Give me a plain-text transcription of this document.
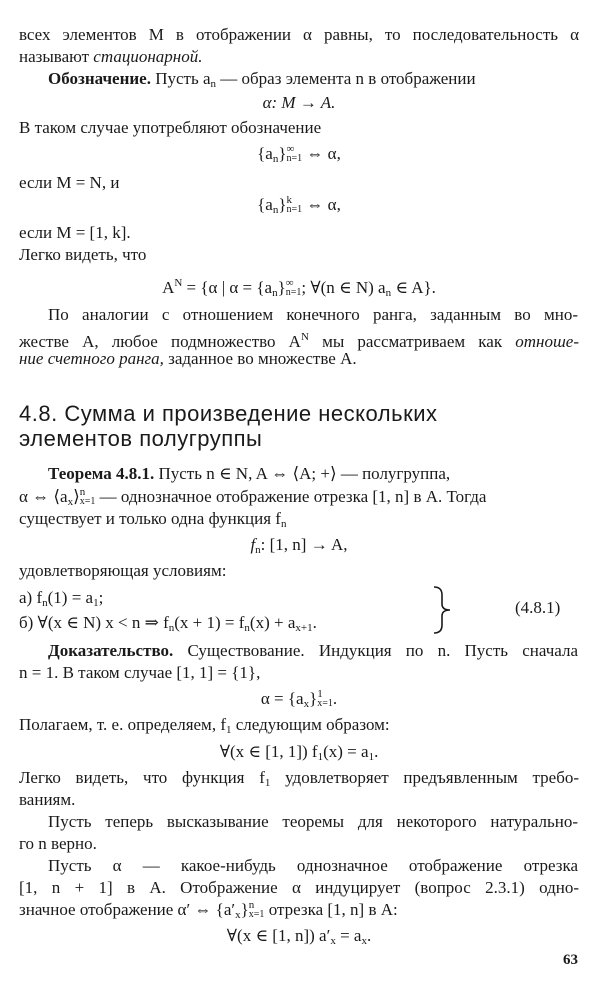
всех элементов M в отображении α равны, то последовательность α
называют стационарной.
Обозначение. Пусть $a_n$ — образ элемента n в отображении
α: M → A.
В таком случае употребляют обозначение
$\{a_n\}$ ∞
n=1 ⇔ α,
если M = N, и
$\{a_n\}$ k
n=1 ⇔ α,
если M = [1, k].
Легко видеть, что
$A^N = \{\alpha$ | $\alpha = \{a_n\}$ ∞
n=1 ; ∀(n ∈ N) $a_n$ ∈ A}.
По аналогии с отношением конечного ранга, заданным во мно-
жестве A, любое подмножество $A^N$ мы рассматриваем как отноше-
ние счетного ранга, заданное во множестве A.
4.8. Сумма и произведение нескольких
элементов полугруппы
Теорема 4.8.1. Пусть n ∈ N, A ⇔ ⟨A; +⟩ — полугруппа,
α ⇔ $⟨a_x⟩$ n
x=1 — однозначное отображение отрезка [1, n] в A. Тогда
существует и только одна функция $f_n$
$f_n$: [1, n] → A,
удовлетворяющая условиям:
а) $f_n(1) = a_1$;
б) ∀(x ∈ N) x < n ⇒ $f_n(x + 1) = f_n(x) + a_{x+1}$.
(4.8.1)
Доказательство. Существование. Индукция по n. Пусть сначала
n = 1. В таком случае [1, 1] = {1},
$\alpha = \{a_x\}$ 1
x=1 .
Полагаем, т. е. определяем, $f_1$ следующим образом:
∀(x ∈ [1, 1]) $f_1(x) = a_1$.
Легко видеть, что функция $f_1$ удовлетворяет предъявленным требо-
ваниям.
Пусть теперь высказывание теоремы для некоторого натурально-
го n верно.
Пусть α — какое-нибудь однозначное отображение отрезка
[1, n + 1] в A. Отображение α индуцирует (вопрос 2.3.1) одно-
значное отображение α′ ⇔ $\{a'_x\}$ n
x=1 отрезка [1, n] в A:
∀(x ∈ [1, n]) $a'_x = a_x$.
63
